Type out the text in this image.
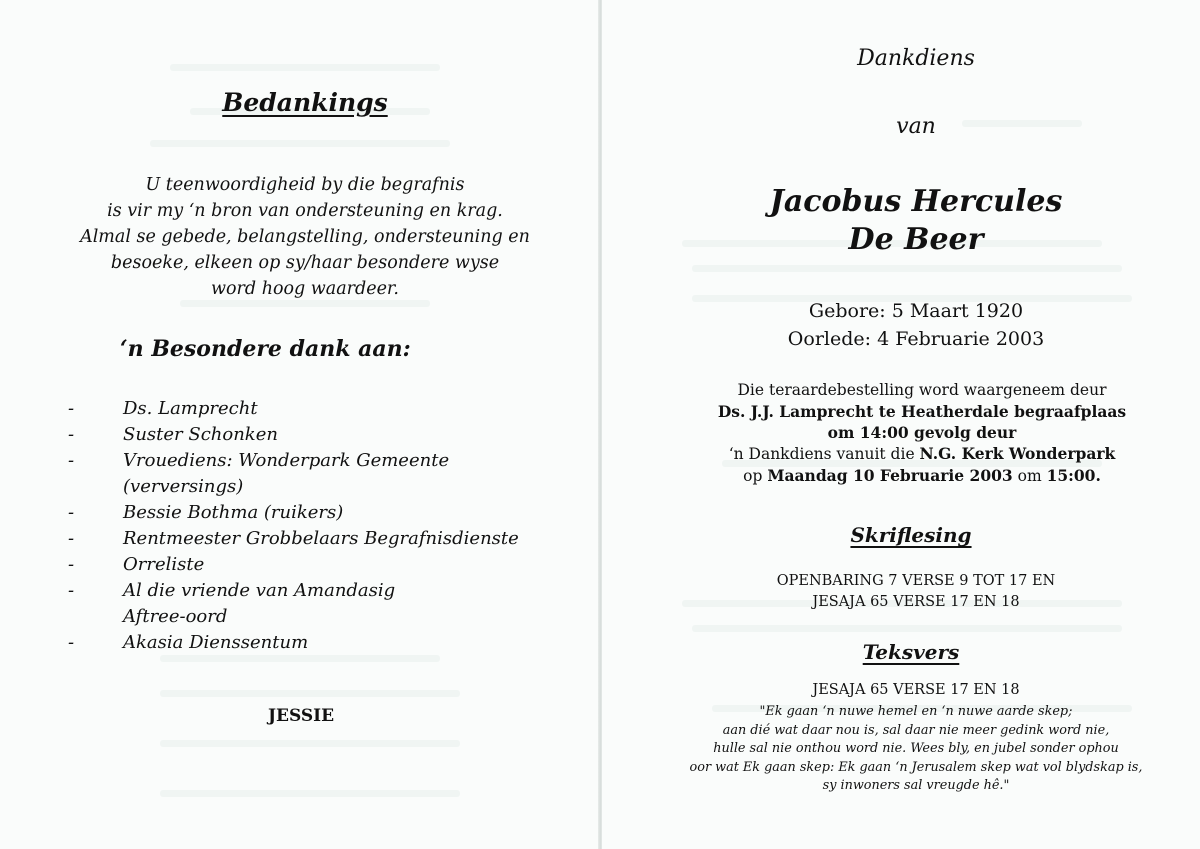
Bedankings
U teenwoordigheid by die begrafnis
is vir my ‘n bron van ondersteuning en krag.
Almal se gebede, belangstelling, ondersteuning en
besoeke, elkeen op sy/haar besondere wyse
word hoog waardeer.
‘n Besondere dank aan:
-	Ds. Lamprecht
-	Suster Schonken
-	Vrouediens: Wonderpark Gemeente
(verversings)
-	Bessie Bothma (ruikers)
-	Rentmeester Grobbelaars Begrafnisdienste
-	Orreliste
-	Al die vriende van Amandasig
Aftree-oord
-	Akasia Dienssentum
JESSIE
Dankdiens
van
Jacobus Hercules
De Beer
Gebore: 5 Maart 1920
Oorlede: 4 Februarie 2003
Die teraardebestelling word waargeneem deur
Ds. J.J. Lamprecht te Heatherdale begraafplaas
om 14:00 gevolg deur
‘n Dankdiens vanuit die N.G. Kerk Wonderpark
op Maandag 10 Februarie 2003 om 15:00.
Skriflesing
OPENBARING 7 VERSE 9 TOT 17 EN
JESAJA 65 VERSE 17 EN 18
Teksvers
JESAJA 65 VERSE 17 EN 18
"Ek gaan ‘n nuwe hemel en ‘n nuwe aarde skep;
aan dié wat daar nou is, sal daar nie meer gedink word nie,
hulle sal nie onthou word nie. Wees bly, en jubel sonder ophou
oor wat Ek gaan skep: Ek gaan ‘n Jerusalem skep wat vol blydskap is,
sy inwoners sal vreugde hê."
